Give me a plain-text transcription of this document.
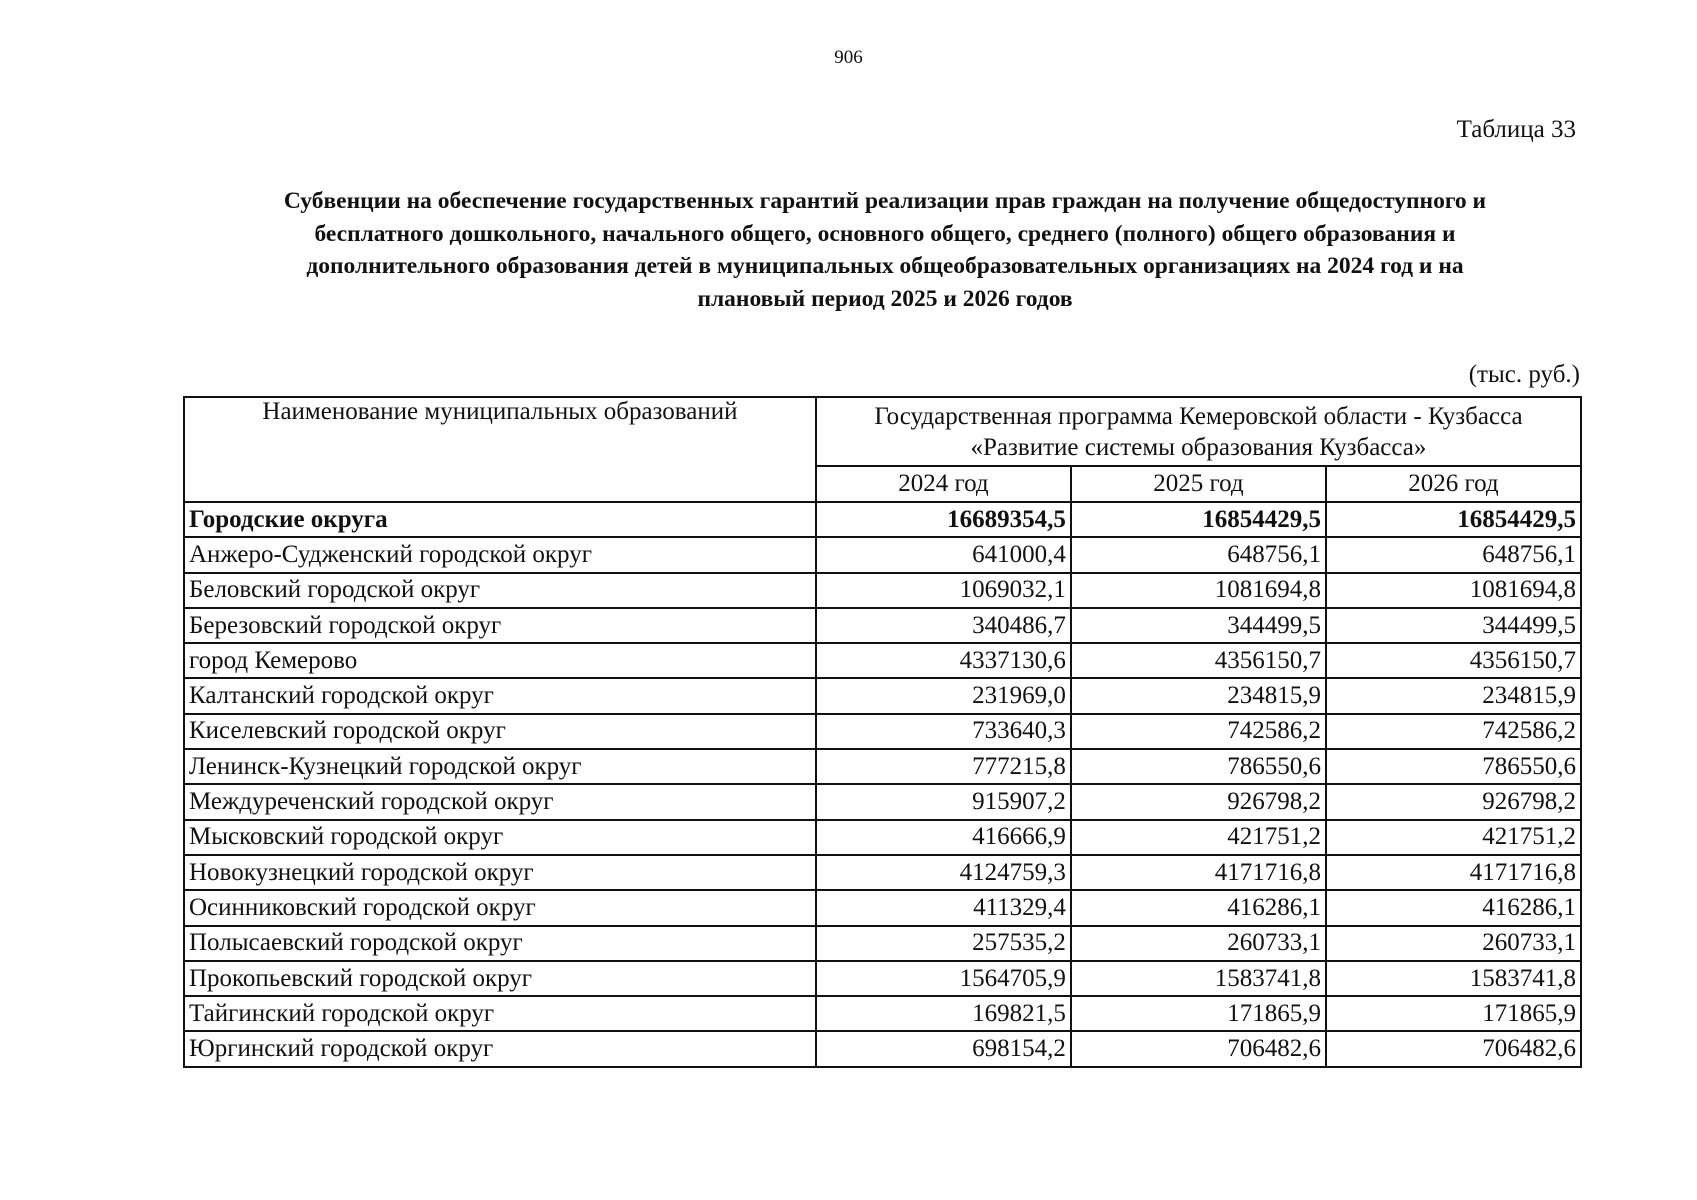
906
Таблица 33
Субвенции на обеспечение государственных гарантий реализации прав граждан на получение общедоступного и
бесплатного дошкольного, начального общего, основного общего, среднего (полного) общего образования и
дополнительного образования детей в муниципальных общеобразовательных организациях на 2024 год и на
плановый период 2025 и 2026 годов
(тыс. руб.)
Наименование муниципальных образований	Государственная программа Кемеровской области - Кузбасса
«Развитие системы образования Кузбасса»		
	2024 год	2025 год	2026 год
Городские округа	16689354,5	16854429,5	16854429,5
Анжеро-Судженский городской округ	641000,4	648756,1	648756,1
Беловский городской округ	1069032,1	1081694,8	1081694,8
Березовский городской округ	340486,7	344499,5	344499,5
город Кемерово	4337130,6	4356150,7	4356150,7
Калтанский городской округ	231969,0	234815,9	234815,9
Киселевский городской округ	733640,3	742586,2	742586,2
Ленинск-Кузнецкий городской округ	777215,8	786550,6	786550,6
Междуреченский городской округ	915907,2	926798,2	926798,2
Мысковский городской округ	416666,9	421751,2	421751,2
Новокузнецкий городской округ	4124759,3	4171716,8	4171716,8
Осинниковский городской округ	411329,4	416286,1	416286,1
Полысаевский городской округ	257535,2	260733,1	260733,1
Прокопьевский городской округ	1564705,9	1583741,8	1583741,8
Тайгинский городской округ	169821,5	171865,9	171865,9
Юргинский городской округ	698154,2	706482,6	706482,6
